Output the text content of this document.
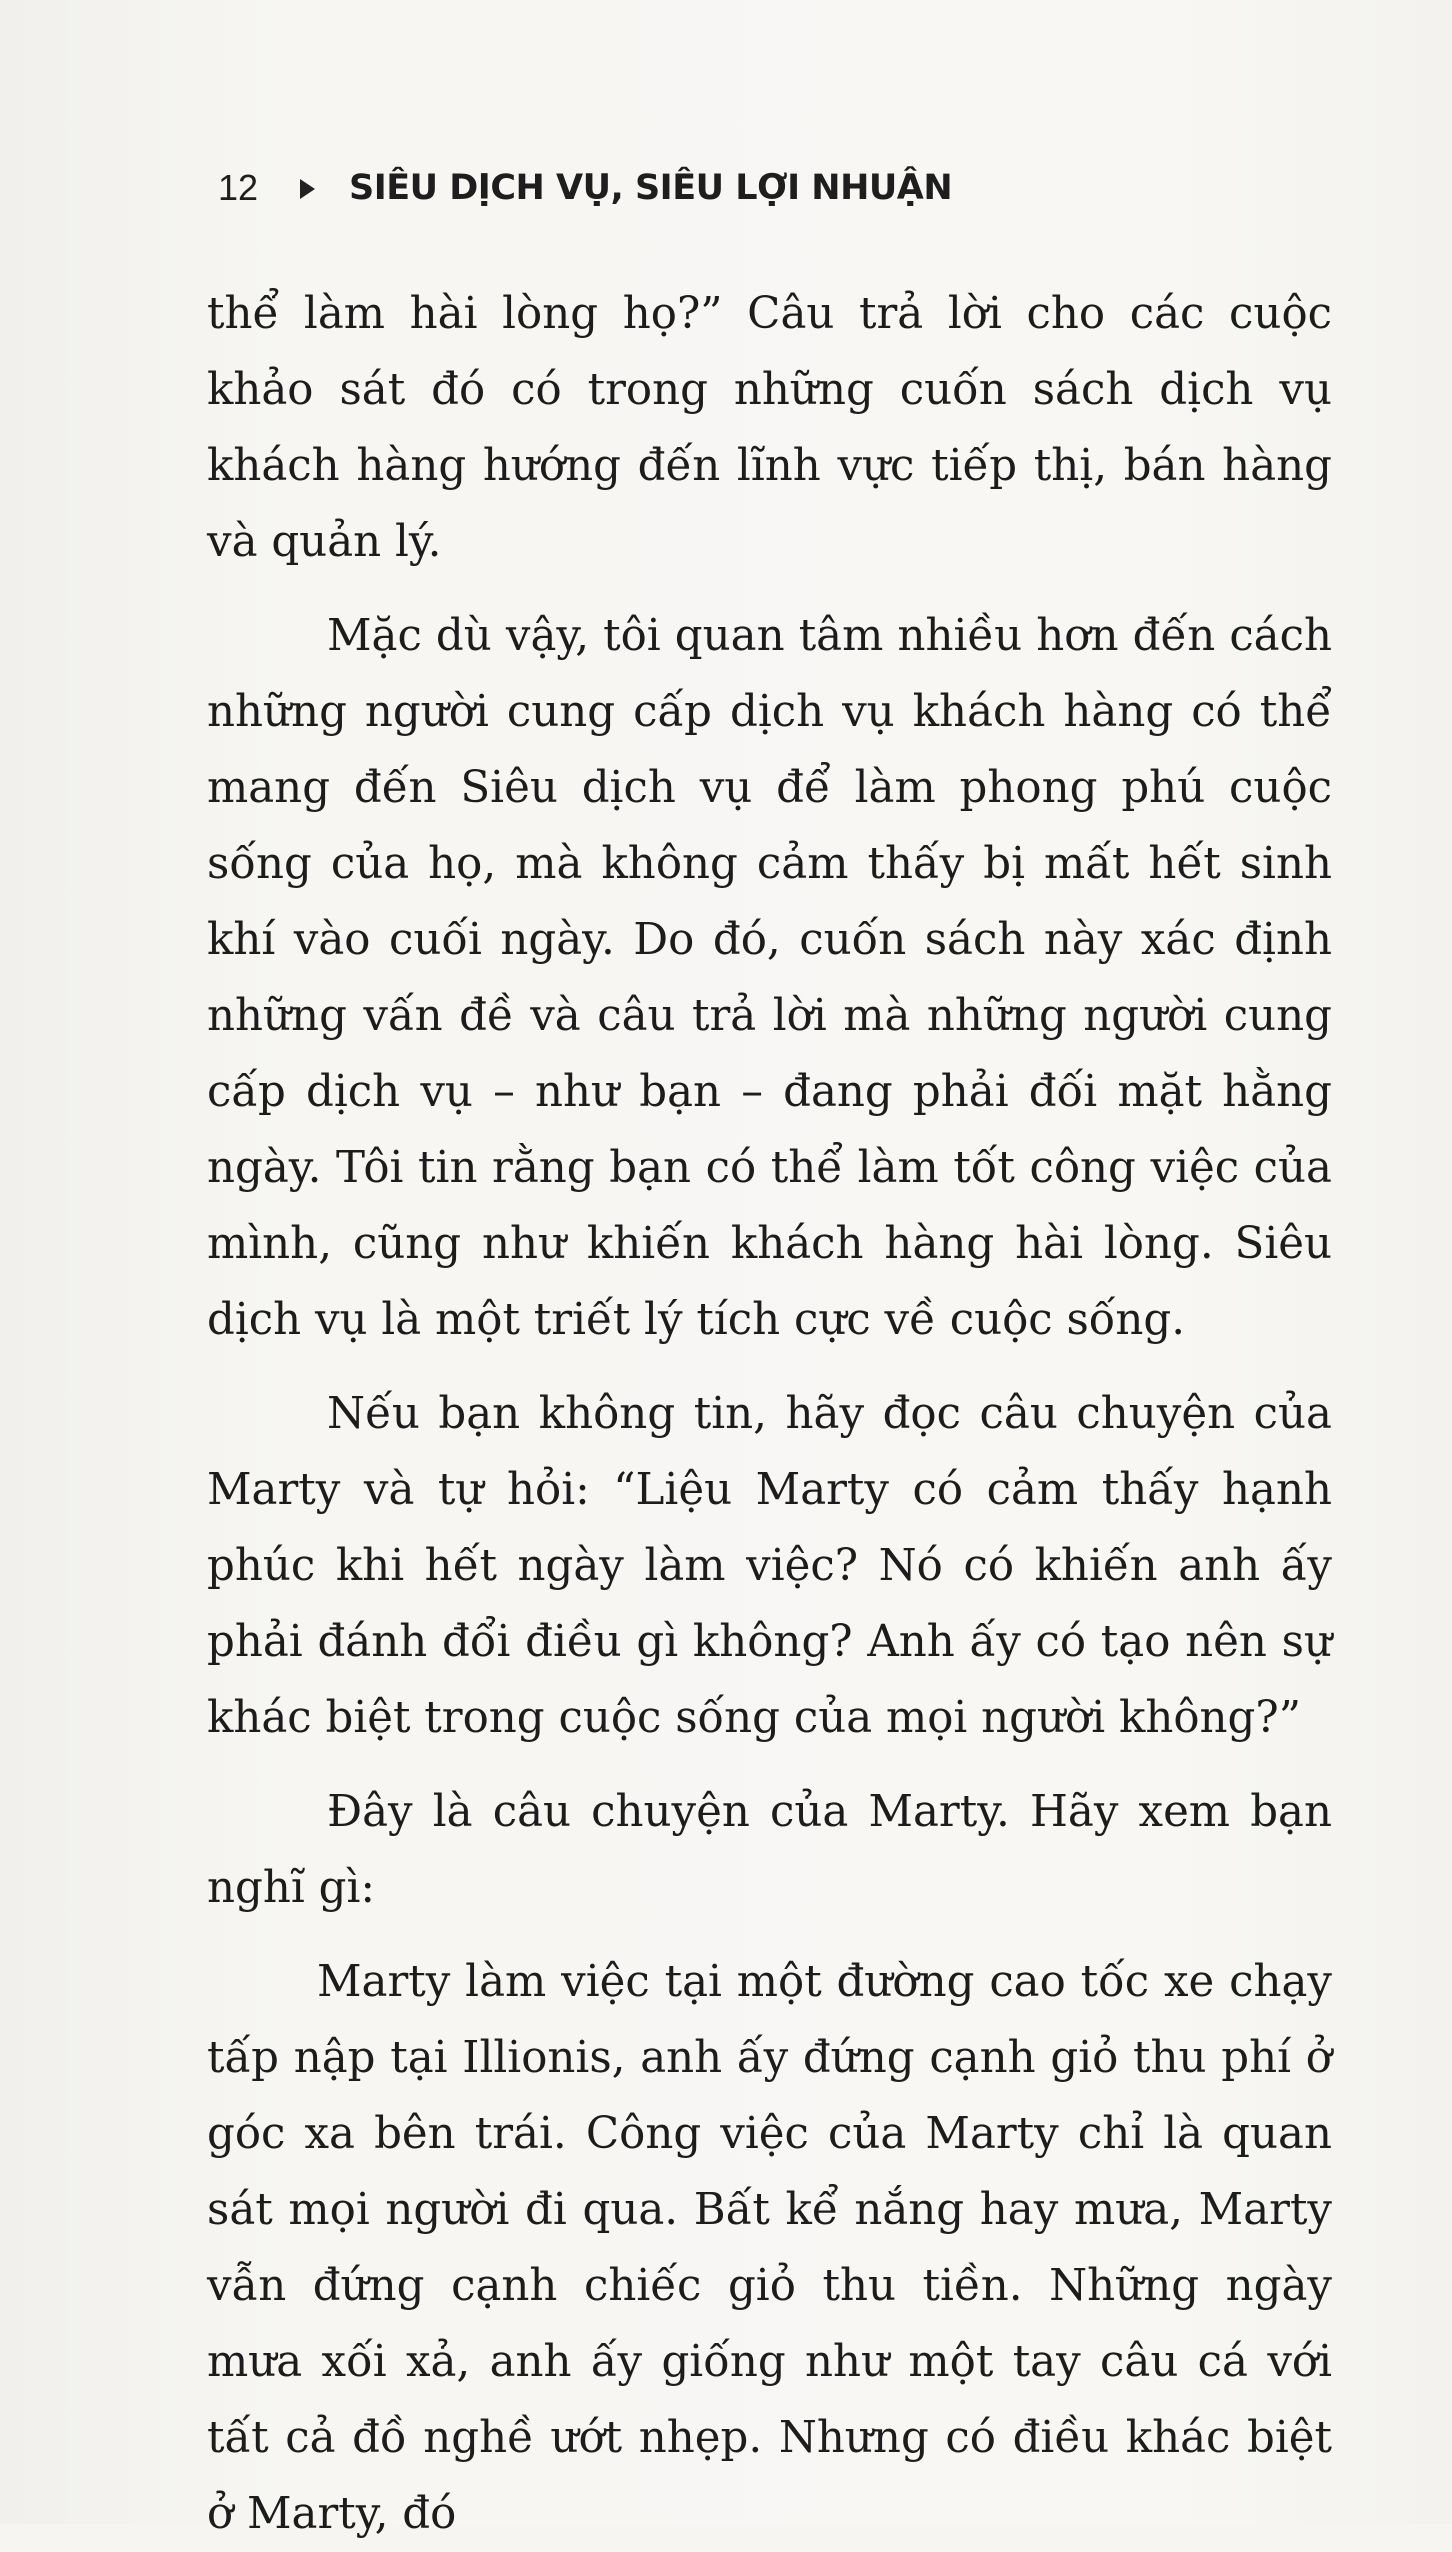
12	SIÊU DỊCH VỤ, SIÊU LỢI NHUẬN

thể làm hài lòng họ?” Câu trả lời cho các cuộc khảo sát đó có trong những cuốn sách dịch vụ khách hàng hướng đến lĩnh vực tiếp thị, bán hàng và quản lý.

Mặc dù vậy, tôi quan tâm nhiều hơn đến cách những người cung cấp dịch vụ khách hàng có thể mang đến Siêu dịch vụ để làm phong phú cuộc sống của họ, mà không cảm thấy bị mất hết sinh khí vào cuối ngày. Do đó, cuốn sách này xác định những vấn đề và câu trả lời mà những người cung cấp dịch vụ – như bạn – đang phải đối mặt hằng ngày. Tôi tin rằng bạn có thể làm tốt công việc của mình, cũng như khiến khách hàng hài lòng. Siêu dịch vụ là một triết lý tích cực về cuộc sống.

Nếu bạn không tin, hãy đọc câu chuyện của Marty và tự hỏi: “Liệu Marty có cảm thấy hạnh phúc khi hết ngày làm việc? Nó có khiến anh ấy phải đánh đổi điều gì không? Anh ấy có tạo nên sự khác biệt trong cuộc sống của mọi người không?”

Đây là câu chuyện của Marty. Hãy xem bạn nghĩ gì:

Marty làm việc tại một đường cao tốc xe chạy tấp nập tại Illionis, anh ấy đứng cạnh giỏ thu phí ở góc xa bên trái. Công việc của Marty chỉ là quan sát mọi người đi qua. Bất kể nắng hay mưa, Marty vẫn đứng cạnh chiếc giỏ thu tiền. Những ngày mưa xối xả, anh ấy giống như một tay câu cá với tất cả đồ nghề ướt nhẹp. Nhưng có điều khác biệt ở Marty, đó
